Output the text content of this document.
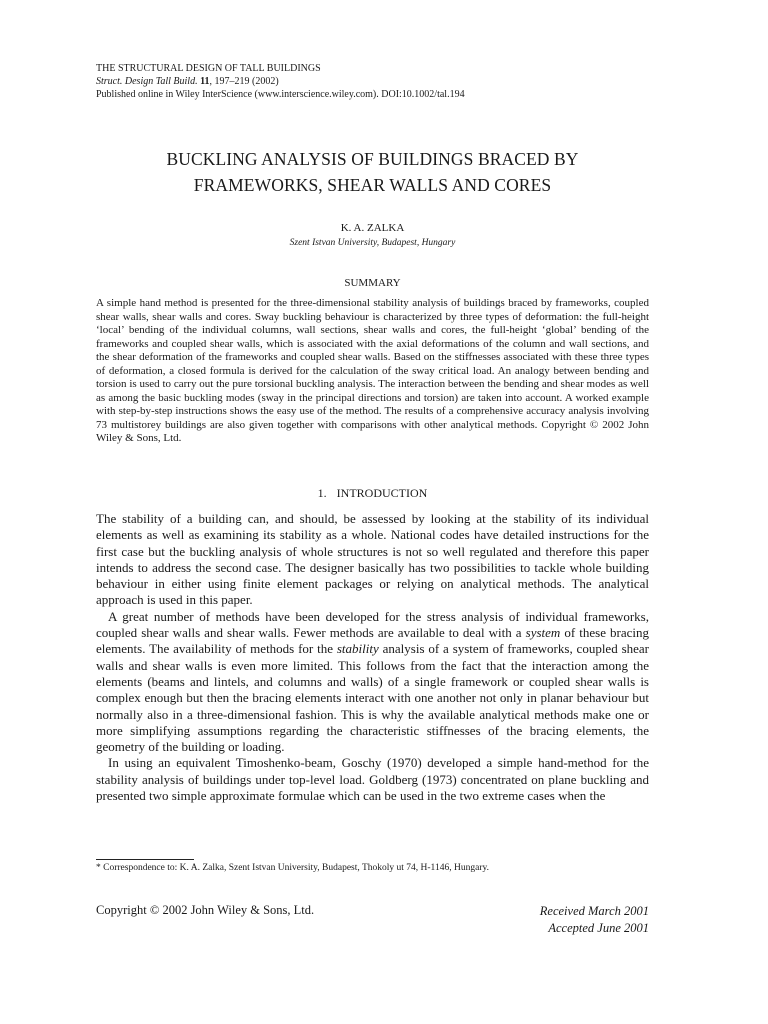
THE STRUCTURAL DESIGN OF TALL BUILDINGS
Struct. Design Tall Build. 11, 197–219 (2002)
Published online in Wiley InterScience (www.interscience.wiley.com). DOI:10.1002/tal.194
BUCKLING ANALYSIS OF BUILDINGS BRACED BY
FRAMEWORKS, SHEAR WALLS AND CORES
K. A. ZALKA
Szent Istvan University, Budapest, Hungary
SUMMARY
A simple hand method is presented for the three-dimensional stability analysis of buildings braced by frameworks, coupled shear walls, shear walls and cores. Sway buckling behaviour is characterized by three types of deformation: the full-height ‘local’ bending of the individual columns, wall sections, shear walls and cores, the full-height ‘global’ bending of the frameworks and coupled shear walls, which is associated with the axial deformations of the column and wall sections, and the shear deformation of the frameworks and coupled shear walls. Based on the stiffnesses associated with these three types of deformation, a closed formula is derived for the calculation of the sway critical load. An analogy between bending and torsion is used to carry out the pure torsional buckling analysis. The interaction between the bending and shear modes as well as among the basic buckling modes (sway in the principal directions and torsion) are taken into account. A worked example with step-by-step instructions shows the easy use of the method. The results of a comprehensive accuracy analysis involving 73 multistorey buildings are also given together with comparisons with other analytical methods. Copyright © 2002 John Wiley & Sons, Ltd.
1. INTRODUCTION

The stability of a building can, and should, be assessed by looking at the stability of its individual elements as well as examining its stability as a whole. National codes have detailed instructions for the first case but the buckling analysis of whole structures is not so well regulated and therefore this paper intends to address the second case. The designer basically has two possibilities to tackle whole building behaviour in either using finite element packages or relying on analytical methods. The analytical approach is used in this paper.

A great number of methods have been developed for the stress analysis of individual frameworks, coupled shear walls and shear walls. Fewer methods are available to deal with a system of these bracing elements. The availability of methods for the stability analysis of a system of frameworks, coupled shear walls and shear walls is even more limited. This follows from the fact that the interaction among the elements (beams and lintels, and columns and walls) of a single framework or coupled shear walls is complex enough but then the bracing elements interact with one another not only in planar behaviour but normally also in a three-dimensional fashion. This is why the available analytical methods make one or more simplifying assumptions regarding the characteristic stiffnesses of the bracing elements, the geometry of the building or loading.

In using an equivalent Timoshenko-beam, Goschy (1970) developed a simple hand-method for the stability analysis of buildings under top-level load. Goldberg (1973) concentrated on plane buckling and presented two simple approximate formulae which can be used in the two extreme cases when the

* Correspondence to: K. A. Zalka, Szent Istvan University, Budapest, Thokoly ut 74, H-1146, Hungary.
Copyright © 2002 John Wiley & Sons, Ltd.	Received March 2001
Accepted June 2001
